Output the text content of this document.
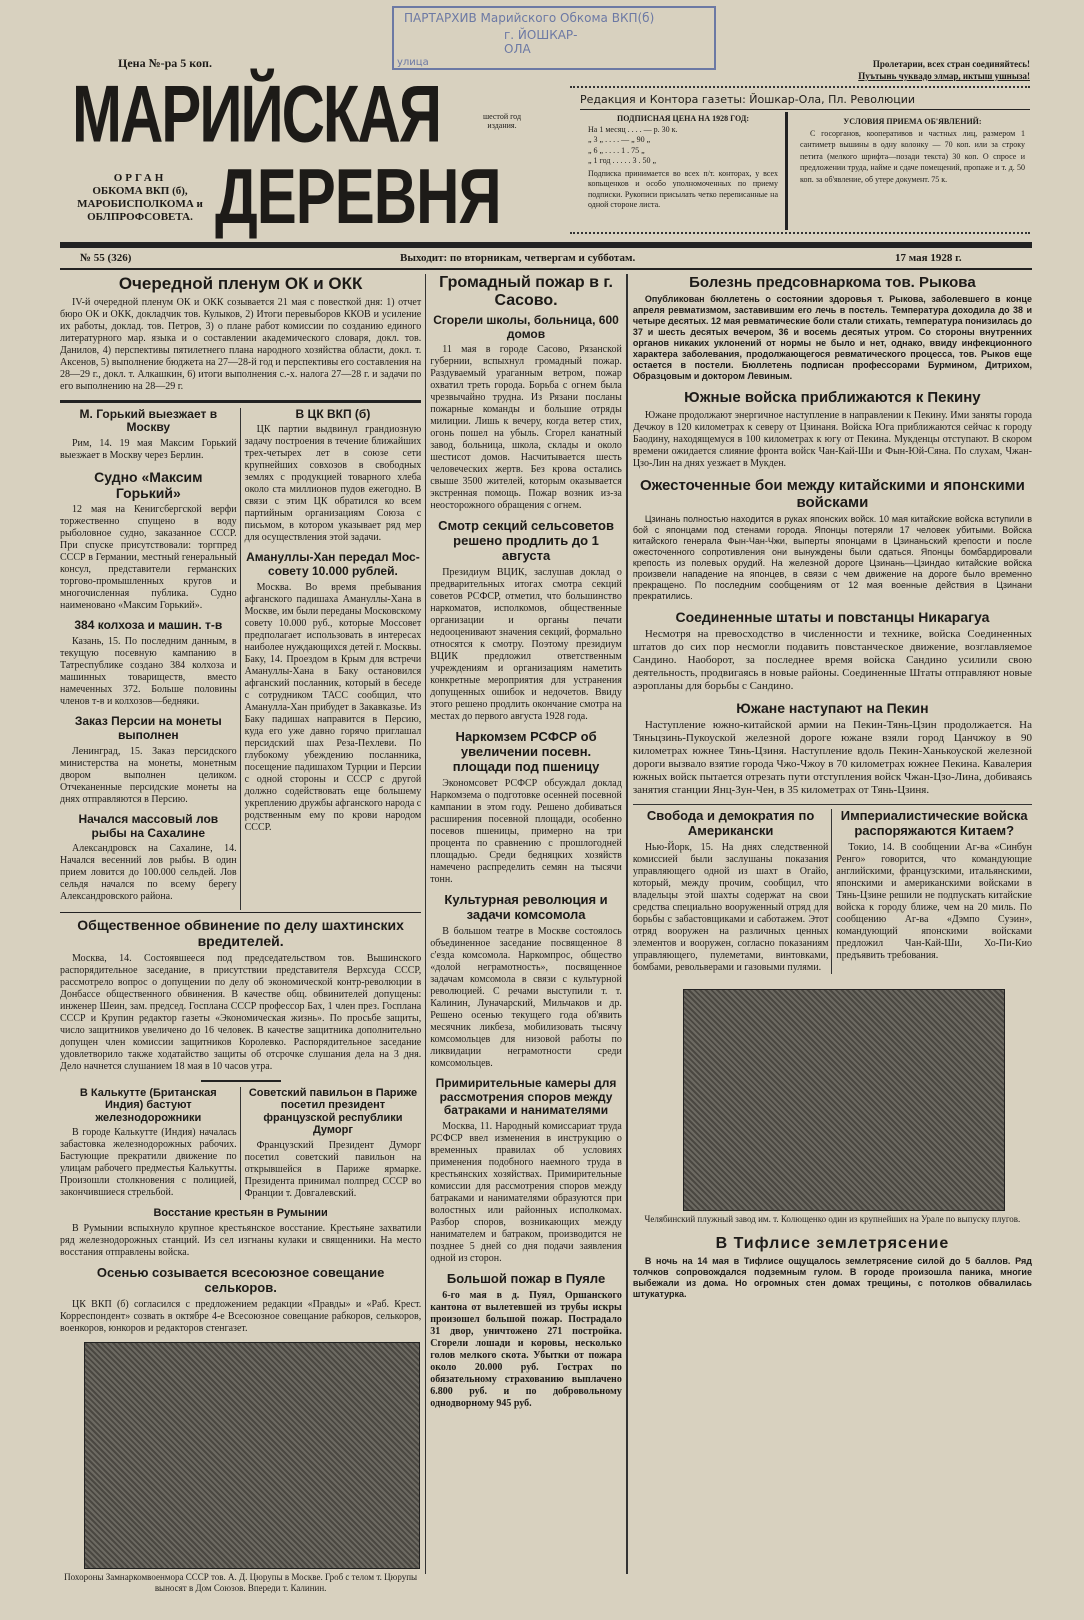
Цена №-ра 5 коп.
ПАРТАРХИВ Марийского Обкома ВКП(б)
г. ЙОШКАР-ОЛА
улица
МАРИЙСКАЯ
ДЕРЕВНЯ
шестой год издания.
ОРГАН
ОБКОМА ВКП (б),
МАРОБИСПОЛКОМА и
ОБЛПРОФСОВЕТА.
Пролетарии, всех стран соединяйтесь!
Пуътынь чуквадо элмар, иктыш ушныза!
Редакция и Контора газеты: Йошкар-Ола, Пл. Революции
ПОДПИСНАЯ ЦЕНА НА 1928 ГОД:
На 1 месяц . . . . — р. 30 к.
„ 3 „ . . . . — „ 90 „
„ 6 „ . . . . 1 . 75 „
„ 1 год . . . . . 3 . 50 „
Подписка принимается во всех п/т. конторах, у всех копьщенков и особо уполномоченных по приему подписки. Рукописи присылать четко переписанные на одной стороне листа.
УСЛОВИЯ ПРИЕМА ОБ'ЯВЛЕНИЙ:
С госорганов, кооперативов и частных лиц, размером 1 сантиметр вышины в одну колонку — 70 коп. или за строку петита (мелкого шрифта—позади текста) 30 коп. О спросе и предложении труда, найме и сдаче помещений, пропаже и т. д. 50 коп. за об'явление, об утере документ. 75 к.
№ 55 (326)	Выходит: по вторникам, четвергам и субботам.	17 мая 1928 г.
Очередной пленум ОК и ОКК

IV-й очередной пленум ОК и ОКК созывается 21 мая с повесткой дня: 1) отчет бюро ОК и ОКК, докладчик тов. Кулыков, 2) Итоги перевыборов ККОВ и усиление их работы, доклад. тов. Петров, 3) о плане работ комиссии по созданию единого литературного мар. языка и о составлении академического словаря, докл. тов. Данилов, 4) перспективы пятилетнего плана народного хозяйства области, докл. т. Аксенов, 5) выполнение бюджета на 27—28-й год и перспективы его составления на 28—29 г., докл. т. Алкашкин, 6) итоги выполнения с.-х. налога 27—28 г. и задачи по его выполнению на 28—29 г.

М. Горький выезжает в Москву

Рим, 14. 19 мая Максим Горький выезжает в Москву через Берлин.

Судно «Максим Горький»

12 мая на Кенигсбергской верфи торжественно спущено в воду рыболовное судно, заказанное СССР. При спуске присутствовали: торгпред СССР в Германии, местный генеральный консул, представители германских торгово-промышленных кругов и многочисленная публика. Судно наименовано «Максим Горький».

384 колхоза и машин. т-в

Казань, 15. По последним данным, в текущую посевную кампанию в Татреспублике создано 384 колхоза и машинных товариществ, вместо намеченных 372. Больше половины членов т-в и колхозов—бедняки.

Заказ Персии на монеты выполнен

Ленинград, 15. Заказ персидского министерства на монеты, монетным двором выполнен целиком. Отчеканенные персидские монеты на днях отправляются в Персию.

Начался массовый лов рыбы на Сахалине

Александровск на Сахалине, 14. Начался весенний лов рыбы. В один прием ловится до 100.000 сельдей. Лов сельдя начался по всему берегу Александровского района.

В ЦК ВКП (б)

ЦК партии выдвинул грандиозную задачу построения в течение ближайших трех-четырех лет в союзе сети крупнейших совхозов в свободных землях с продукцией товарного хлеба около ста миллионов пудов ежегодно. В связи с этим ЦК обратился ко всем партийным организациям Союза с письмом, в котором указывает ряд мер для осуществления этой задачи.

Амануллы-Хан передал Мос-совету 10.000 рублей.

Москва. Во время пребывания афганского падишаха Амануллы-Хана в Москве, им были переданы Московскому совету 10.000 руб., которые Моссовет предполагает использовать в интересах наиболее нуждающихся детей г. Москвы. Баку, 14. Проездом в Крым для встречи Амануллы-Хана в Баку остановился афганский посланник, который в беседе с сотрудником ТАСС сообщил, что Аманулла-Хан прибудет в Закавказье. Из Баку падишах направится в Персию, куда его уже давно горячо приглашал персидский шах Реза-Пехлеви. По глубокому убеждению посланника, посещение падишахом Турции и Персии с одной стороны и СССР с другой должно содействовать еще большему укреплению дружбы афганского народа с родственным ему по крови народом СССР.

Общественное обвинение по делу шахтинских вредителей.

Москва, 14. Состоявшееся под председательством тов. Вышинского распорядительное заседание, в присутствии представителя Верхсуда СССР, рассмотрело вопрос о допущении по делу об экономической контр-революции в Донбассе общественного обвинения. В качестве общ. обвинителей допущены: инженер Шеин, зам. председ. Госплана СССР профессор Бах, 1 член през. Госплана СССР и Крупин редактор газеты «Экономическая жизнь». По просьбе защиты, число защитников увеличено до 16 человек. В качестве защитника дополнительно допущен член комиссии защитников Королевко. Распорядительное заседание удовлетворило также ходатайство защиты об отсрочке слушания дела на 3 дня. Дело начнется слушанием 18 мая в 10 часов утра.

В Калькутте (Британская Индия) бастуют железнодорожники

В городе Калькутте (Индия) началась забастовка железнодорожных рабочих. Бастующие прекратили движение по улицам рабочего предместья Калькутты. Произошли столкновения с полицией, закончившиеся стрельбой.

Советский павильон в Париже посетил президент французской республики Думорг

Французский Президент Думорг посетил советский павильон на открывшейся в Париже ярмарке. Президента принимал полпред СССР во Франции т. Довгалевский.

Восстание крестьян в Румынии

В Румынии вспыхнуло крупное крестьянское восстание. Крестьяне захватили ряд железнодорожных станций. Из сел изгнаны кулаки и священники. На место восстания отправлены войска.

Осенью созывается всесоюзное совещание селькоров.

ЦК ВКП (б) согласился с предложением редакции «Правды» и «Раб. Крест. Корреспондент» созвать в октябре 4-е Всесоюзное совещание рабкоров, селькоров, военкоров, юнкоров и редакторов стенгазет.

Похороны Замнаркомвоенмора СССР тов. А. Д. Цюрупы в Москве. Гроб с телом т. Цюрупы выносят в Дом Союзов. Впереди т. Калинин.

Громадный пожар в г. Сасово.
Сгорели школы, больница, 600 домов

11 мая в городе Сасово, Рязанской губернии, вспыхнул громадный пожар. Раздуваемый ураганным ветром, пожар охватил треть города. Борьба с огнем была чрезвычайно трудна. Из Рязани посланы пожарные команды и большие отряды милиции. Лишь к вечеру, когда ветер стих, огонь пошел на убыль. Сгорел канатный завод, больница, школа, склады и около шестисот домов. Насчитывается шесть человеческих жертв. Без крова остались свыше 3500 жителей, которым оказывается экстренная помощь. Пожар возник из-за неосторожного обращения с огнем.

Смотр секций сельсоветов решено продлить до 1 августа

Президиум ВЦИК, заслушав доклад о предварительных итогах смотра секций советов РСФСР, отметил, что большинство наркоматов, исполкомов, общественные организации и органы печати недооценивают значения секций, формально относятся к смотру. Поэтому президиум ВЦИК предложил ответственным учреждениям и организациям наметить конкретные мероприятия для устранения допущенных ошибок и недочетов. Ввиду этого решено продлить окончание смотра на местах до первого августа 1928 года.

Наркомзем РСФСР об увеличении посевн. площади под пшеницу

Экономсовет РСФСР обсуждал доклад Наркомзема о подготовке осенней посевной кампании в этом году. Решено добиваться расширения посевной площади, особенно посевов пшеницы, примерно на три процента по сравнению с прошлогодней площадью. Среди бедняцких хозяйств намечено распределить семян на тысячи тонн.

Культурная революция и задачи комсомола

В большом театре в Москве состоялось объединенное заседание посвященное 8 с'езда комсомола. Наркомпрос, общество «долой неграмотность», посвященное задачам комсомола в связи с культурной революцией. С речами выступили т. т. Калинин, Луначарский, Мильчаков и др. Решено осенью текущего года об'явить месячник ликбеза, мобилизовать тысячу комсомольцев для низовой работы по ликвидации неграмотности среди комсомольцев.

Примирительные камеры для рассмотрения споров между батраками и нанимателями

Москва, 11. Народный комиссариат труда РСФСР ввел изменения в инструкцию о временных правилах об условиях применения подобного наемного труда в крестьянских хозяйствах. Примирительные комиссии для рассмотрения споров между батраками и нанимателями образуются при волостных или районных исполкомах. Разбор споров, возникающих между нанимателем и батраком, производится не позднее 5 дней со дня подачи заявления одной из сторон.

Большой пожар в Пуяле

6-го мая в д. Пуял, Оршанского кантона от вылетевшей из трубы искры произошел большой пожар. Пострадало 31 двор, уничтожено 271 постройка. Сгорели лошади и коровы, несколько голов мелкого скота. Убытки от пожара около 20.000 руб. Гострах по обязательному страхованию выплачено 6.800 руб. и по добровольному однодворному 945 руб.

Болезнь предсовнаркома тов. Рыкова

Опубликован бюллетень о состоянии здоровья т. Рыкова, заболевшего в конце апреля ревматизмом, заставившим его лечь в постель. Температура доходила до 38 и четыре десятых. 12 мая ревматические боли стали стихать, температура понизилась до 37 и шесть десятых вечером, 36 и восемь десятых утром. Со стороны внутренних органов никаких уклонений от нормы не было и нет, однако, ввиду инфекционного характера заболевания, продолжающегося ревматического процесса, тов. Рыков еще остается в постели. Бюллетень подписан профессорами Бурмином, Дитрихом, Образцовым и доктором Левиным.

Южные войска приближаются к Пекину

Южане продолжают энергичное наступление в направлении к Пекину. Ими заняты города Дечжоу в 120 километрах к северу от Цзинаня. Войска Юга приближаются сейчас к городу Баодину, находящемуся в 100 километрах к югу от Пекина. Мукденцы отступают. В скором времени ожидается слияние фронта войск Чан-Кай-Ши и Фын-Юй-Сяна. По слухам, Чжан-Цзо-Лин на днях уезжает в Мукден.

Ожесточенные бои между китайскими и японскими войсками

Цзинань полностью находится в руках японских войск. 10 мая китайские войска вступили в бой с японцами под стенами города. Японцы потеряли 17 человек убитыми. Войска китайского генерала Фын-Чан-Чжи, выперты японцами в Цзинаньский крепости и после ожесточенного сопротивления они вынуждены были сдаться. Японцы бомбардировали крепость из полевых орудий. На железной дороге Цзинань—Цзиндао китайские войска произвели нападение на японцев, в связи с чем движение на дороге было временно прекращено. По последним сообщениям от 12 мая военные действия в Цзинани прекратились.

Соединенные штаты и повстанцы Никарагуа

Несмотря на превосходство в численности и технике, войска Соединенных штатов до сих пор несмогли подавить повстанческое движение, возглавляемое Сандино. Наоборот, за последнее время войска Сандино усилили свою деятельность, продвигаясь в новые районы. Соединенные Штаты отправляют новые аэропланы для борьбы с Сандино.

Южане наступают на Пекин

Наступление южно-китайской армии на Пекин-Тянь-Цзин продолжается. На Тяньцзинь-Пукоуской железной дороге южане взяли город Цанчжоу в 90 километрах южнее Тянь-Цзиня. Наступление вдоль Пекин-Ханькоуской железной дороги вызвало взятие города Чжо-Чжоу в 70 километрах южнее Пекина. Кавалерия южных войск пытается отрезать пути отступления войск Чжан-Цзо-Лина, добиваясь занятия станции Янц-Зун-Чен, в 35 километрах от Тянь-Цзиня.

Свобода и демократия по Американски

Нью-Йорк, 15. На днях следственной комиссией были заслушаны показания управляющего одной из шахт в Огайо, который, между прочим, сообщил, что владельцы этой шахты содержат на свои средства специально вооруженный отряд для борьбы с забастовщиками и саботажем. Этот отряд вооружен на различных ценных элементов и вооружен, согласно показаниям управляющего, пулеметами, винтовками, бомбами, револьверами и газовыми пулями.

Империалистические войска распоряжаются Китаем?

Токио, 14. В сообщении Аг-ва «Синбун Ренго» говорится, что командующие английскими, французскими, итальянскими, японскими и американскими войсками в Тянь-Цзине решили не подпускать китайские войска к городу ближе, чем на 20 миль. По сообщению Аг-ва «Дэмпо Суэин», командующий японскими войсками предложил Чан-Кай-Ши, Хо-Пи-Кио предъявить требования.

Челябинский плужный завод им. т. Колющенко один из крупнейших на Урале по выпуску плугов.

В Тифлисе землетрясение

В ночь на 14 мая в Тифлисе ощущалось землетрясение силой до 5 баллов. Ряд толчков сопровождался подземным гулом. В городе произошла паника, многие выбежали из дома. Но огромных стен домах трещины, с потолков обвалилась штукатурка.
